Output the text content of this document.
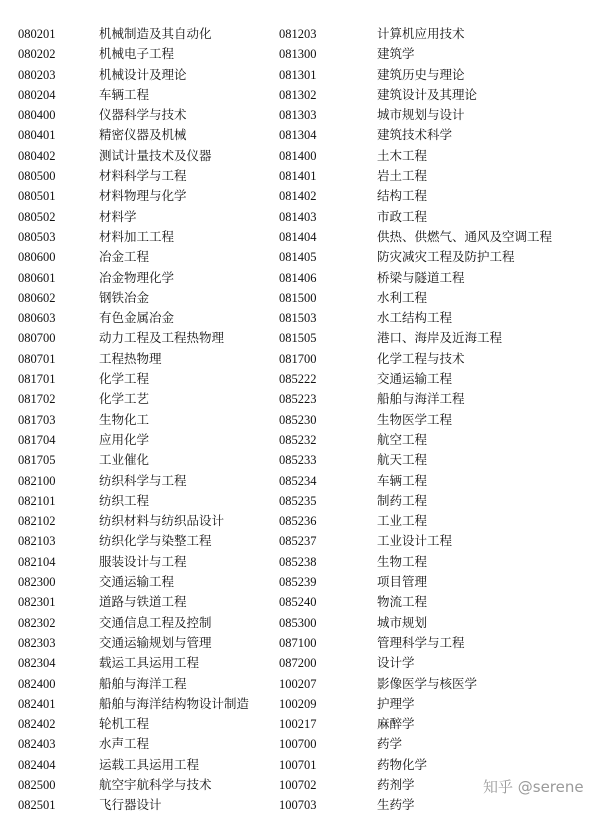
080201	机械制造及其自动化	081203	计算机应用技术
080202	机械电子工程	081300	建筑学
080203	机械设计及理论	081301	建筑历史与理论
080204	车辆工程	081302	建筑设计及其理论
080400	仪器科学与技术	081303	城市规划与设计
080401	精密仪器及机械	081304	建筑技术科学
080402	测试计量技术及仪器	081400	土木工程
080500	材料科学与工程	081401	岩土工程
080501	材料物理与化学	081402	结构工程
080502	材料学	081403	市政工程
080503	材料加工工程	081404	供热、供燃气、通风及空调工程
080600	冶金工程	081405	防灾减灾工程及防护工程
080601	冶金物理化学	081406	桥梁与隧道工程
080602	钢铁冶金	081500	水利工程
080603	有色金属冶金	081503	水工结构工程
080700	动力工程及工程热物理	081505	港口、海岸及近海工程
080701	工程热物理	081700	化学工程与技术
081701	化学工程	085222	交通运输工程
081702	化学工艺	085223	船舶与海洋工程
081703	生物化工	085230	生物医学工程
081704	应用化学	085232	航空工程
081705	工业催化	085233	航天工程
082100	纺织科学与工程	085234	车辆工程
082101	纺织工程	085235	制药工程
082102	纺织材料与纺织品设计	085236	工业工程
082103	纺织化学与染整工程	085237	工业设计工程
082104	服装设计与工程	085238	生物工程
082300	交通运输工程	085239	项目管理
082301	道路与铁道工程	085240	物流工程
082302	交通信息工程及控制	085300	城市规划
082303	交通运输规划与管理	087100	管理科学与工程
082304	载运工具运用工程	087200	设计学
082400	船舶与海洋工程	100207	影像医学与核医学
082401	船舶与海洋结构物设计制造 100209	护理学
082402	轮机工程	100217	麻醉学
082403	水声工程	100700	药学
082404	运载工具运用工程	100701	药物化学
082500	航空宇航科学与技术	100702	药剂学
082501	飞行器设计	100703	生药学
知乎 @serene
